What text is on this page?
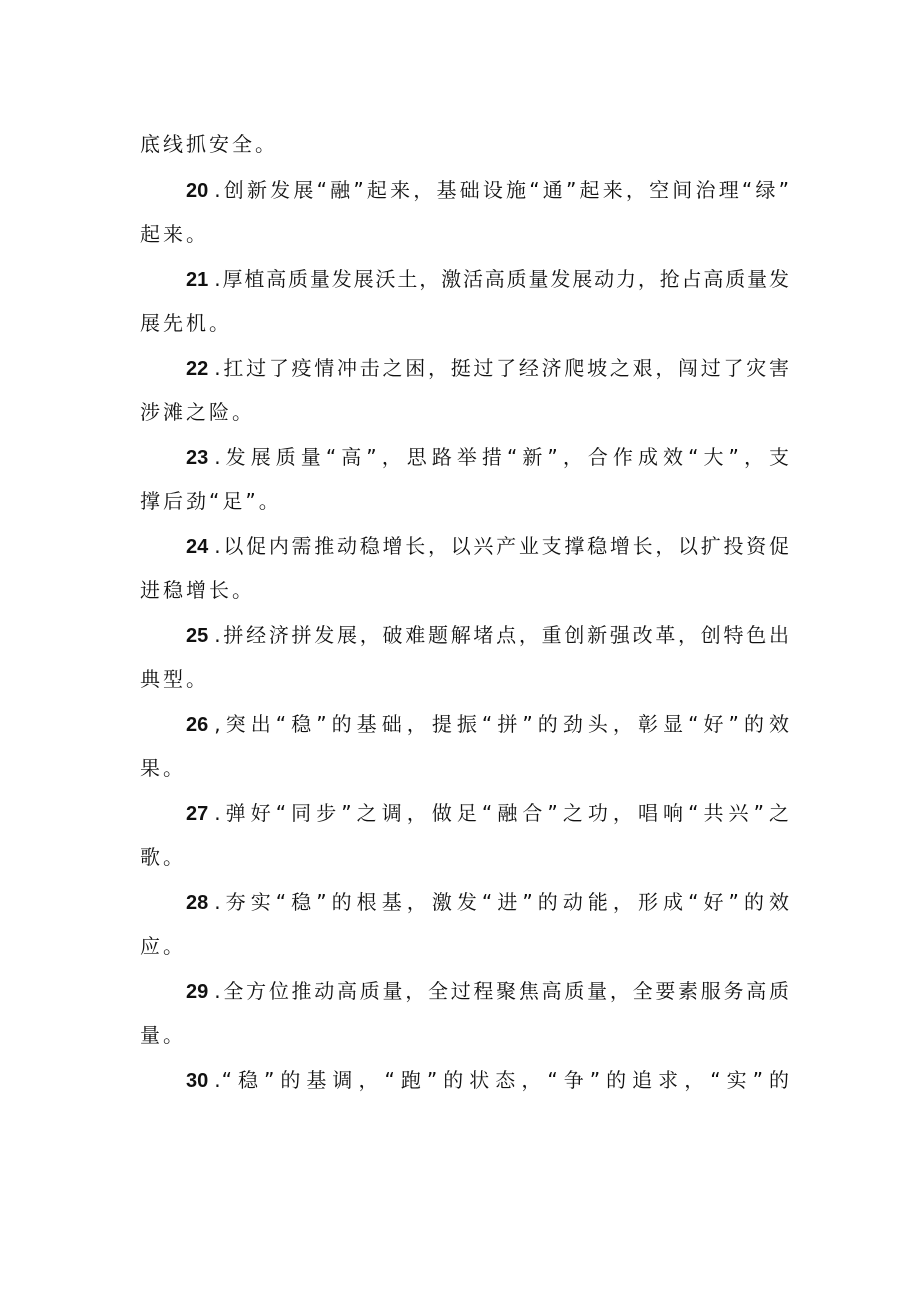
底线抓安全。
20 .创新发展“融”起来，基础设施“通”起来，空间治理“绿”
起来。
21 .厚植高质量发展沃土，激活高质量发展动力，抢占高质量发
展先机。
22 .扛过了疫情冲击之困，挺过了经济爬坡之艰，闯过了灾害
涉滩之险。
23 .发展质量“高”，思路举措“新”，合作成效“大”，支
撑后劲“足”。
24 .以促内需推动稳增长，以兴产业支撑稳增长，以扩投资促
进稳增长。
25 .拼经济拼发展，破难题解堵点，重创新强改革，创特色出
典型。
26 ,突出“稳”的基础，提振“拼”的劲头，彰显“好”的效
果。
27 .弹好“同步”之调，做足“融合”之功，唱响“共兴”之
歌。
28 .夯实“稳”的根基，激发“进”的动能，形成“好”的效
应。
29 .全方位推动高质量，全过程聚焦高质量，全要素服务高质
量。
30 .“稳”的基调，“跑”的状态，“争”的追求，“实”的
